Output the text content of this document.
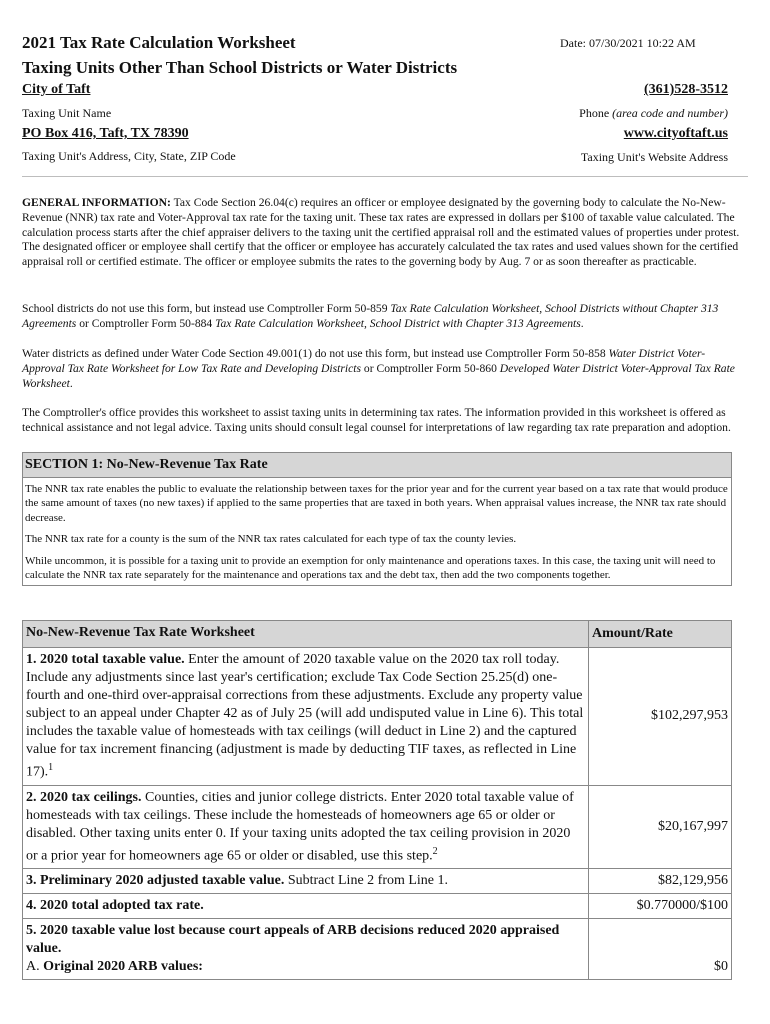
2021 Tax Rate Calculation Worksheet
Taxing Units Other Than School Districts or Water Districts
Date: 07/30/2021 10:22 AM
City of Taft
Taxing Unit Name
(361)528-3512
Phone (area code and number)
PO Box 416, Taft, TX 78390
Taxing Unit's Address, City, State, ZIP Code
www.cityoftaft.us
Taxing Unit's Website Address

GENERAL INFORMATION: Tax Code Section 26.04(c) requires an officer or employee designated by the governing body to calculate the No-New-Revenue (NNR) tax rate and Voter-Approval tax rate for the taxing unit. These tax rates are expressed in dollars per $100 of taxable value calculated. The calculation process starts after the chief appraiser delivers to the taxing unit the certified appraisal roll and the estimated values of properties under protest. The designated officer or employee shall certify that the officer or employee has accurately calculated the tax rates and used values shown for the certified appraisal roll or certified estimate. The officer or employee submits the rates to the governing body by Aug. 7 or as soon thereafter as practicable.

School districts do not use this form, but instead use Comptroller Form 50-859 Tax Rate Calculation Worksheet, School Districts without Chapter 313 Agreements or Comptroller Form 50-884 Tax Rate Calculation Worksheet, School District with Chapter 313 Agreements.

Water districts as defined under Water Code Section 49.001(1) do not use this form, but instead use Comptroller Form 50-858 Water District Voter-Approval Tax Rate Worksheet for Low Tax Rate and Developing Districts or Comptroller Form 50-860 Developed Water District Voter-Approval Tax Rate Worksheet.

The Comptroller's office provides this worksheet to assist taxing units in determining tax rates. The information provided in this worksheet is offered as technical assistance and not legal advice. Taxing units should consult legal counsel for interpretations of law regarding tax rate preparation and adoption.

SECTION 1: No-New-Revenue Tax Rate

The NNR tax rate enables the public to evaluate the relationship between taxes for the prior year and for the current year based on a tax rate that would produce the same amount of taxes (no new taxes) if applied to the same properties that are taxed in both years. When appraisal values increase, the NNR tax rate should decrease.

The NNR tax rate for a county is the sum of the NNR tax rates calculated for each type of tax the county levies.

While uncommon, it is possible for a taxing unit to provide an exemption for only maintenance and operations taxes. In this case, the taxing unit will need to calculate the NNR tax rate separately for the maintenance and operations tax and the debt tax, then add the two components together.

No-New-Revenue Tax Rate Worksheet	Amount/Rate
1. 2020 total taxable value. Enter the amount of 2020 taxable value on the 2020 tax roll today. Include any adjustments since last year's certification; exclude Tax Code Section 25.25(d) one-fourth and one-third over-appraisal corrections from these adjustments. Exclude any property value subject to an appeal under Chapter 42 as of July 25 (will add undisputed value in Line 6). This total includes the taxable value of homesteads with tax ceilings (will deduct in Line 2) and the captured value for tax increment financing (adjustment is made by deducting TIF taxes, as reflected in Line 17).$^1$	$102,297,953
2. 2020 tax ceilings. Counties, cities and junior college districts. Enter 2020 total taxable value of homesteads with tax ceilings. These include the homesteads of homeowners age 65 or older or disabled. Other taxing units enter 0. If your taxing units adopted the tax ceiling provision in 2020 or a prior year for homeowners age 65 or older or disabled, use this step.$^2$	$20,167,997
3. Preliminary 2020 adjusted taxable value. Subtract Line 2 from Line 1.	$82,129,956
4. 2020 total adopted tax rate.	$0.770000/$100
5. 2020 taxable value lost because court appeals of ARB decisions reduced 2020 appraised value.
A. Original 2020 ARB values:	$0
